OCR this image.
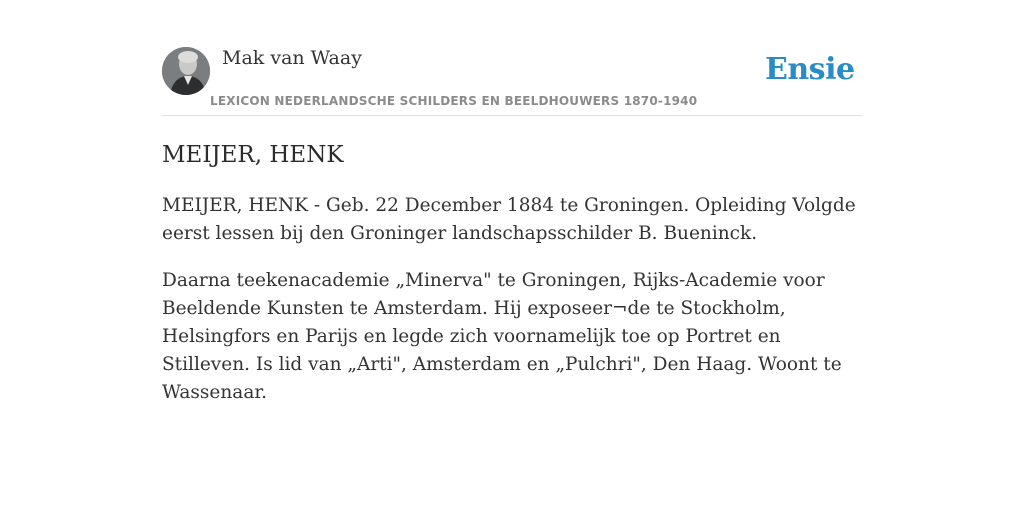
Mak van Waay
LEXICON NEDERLANDSCHE SCHILDERS EN BEELDHOUWERS 1870-1940
Ensie
MEIJER, HENK

MEIJER, HENK - Geb. 22 December 1884 te Groningen. Opleiding Volgde eerst lessen bij den Groninger landschapsschilder B. Bueninck.

Daarna teekenacademie „Minerva" te Groningen, Rijks-Academie voor Beeldende Kunsten te Amsterdam. Hij exposeer¬de te Stockholm, Helsingfors en Parijs en legde zich voornamelijk toe op Portret en Stilleven. Is lid van „Arti", Amsterdam en „Pulchri", Den Haag. Woont te Wassenaar.
